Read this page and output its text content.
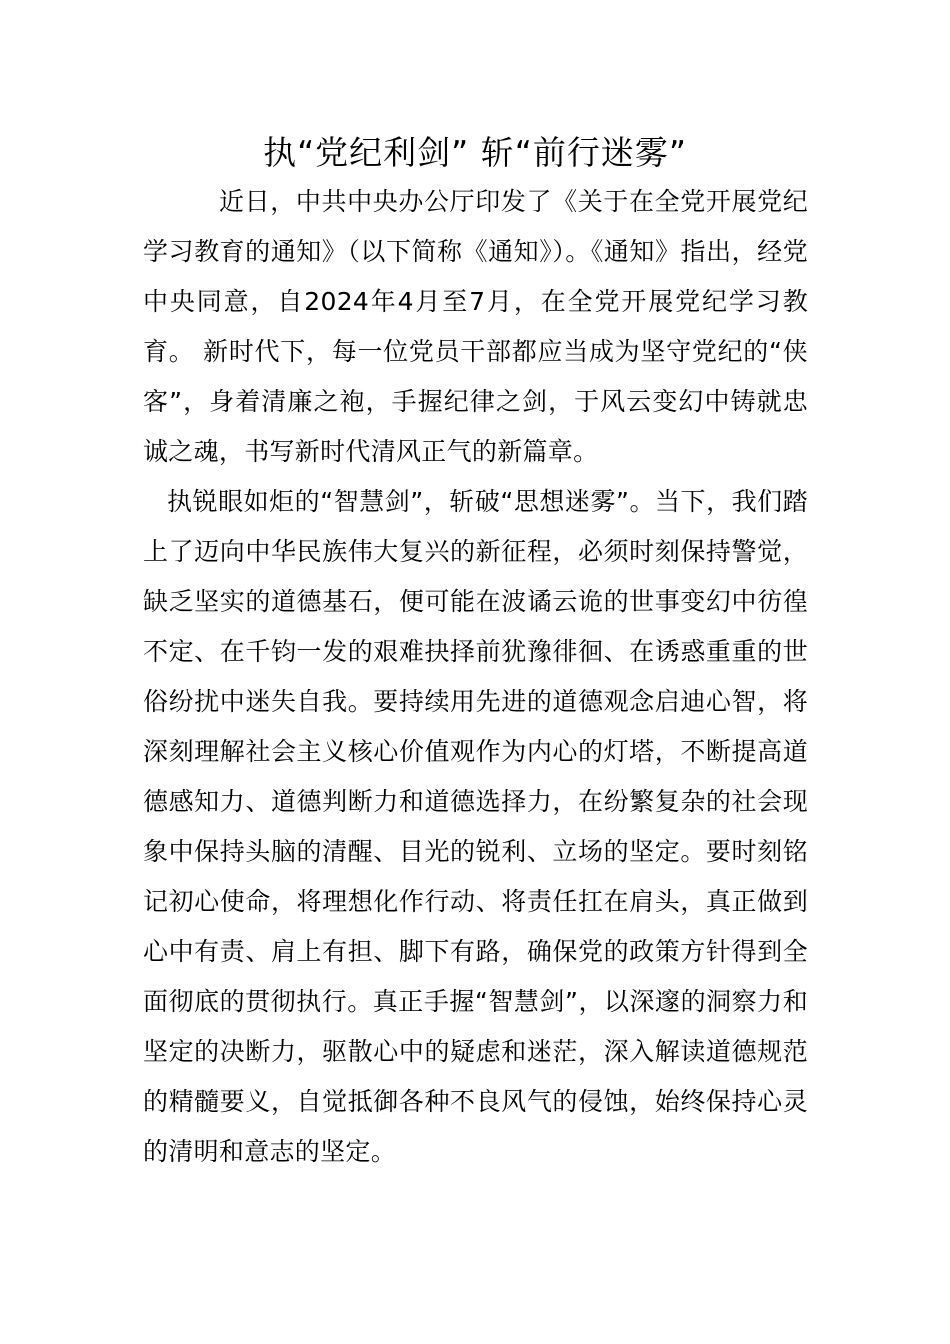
执“党纪利剑” 斩“前行迷雾”

近日，中共中央办公厅印发了《关于在全党开展党纪学习教育的通知》（以下简称《通知》）。《通知》指出，经党中央同意，自2024年4月至7月，在全党开展党纪学习教育。 新时代下，每一位党员干部都应当成为坚守党纪的“侠客”，身着清廉之袍，手握纪律之剑，于风云变幻中铸就忠诚之魂，书写新时代清风正气的新篇章。

执锐眼如炬的“智慧剑”，斩破“思想迷雾”。当下，我们踏上了迈向中华民族伟大复兴的新征程，必须时刻保持警觉，缺乏坚实的道德基石，便可能在波谲云诡的世事变幻中彷徨不定、在千钧一发的艰难抉择前犹豫徘徊、在诱惑重重的世俗纷扰中迷失自我。要持续用先进的道德观念启迪心智，将深刻理解社会主义核心价值观作为内心的灯塔，不断提高道德感知力、道德判断力和道德选择力，在纷繁复杂的社会现象中保持头脑的清醒、目光的锐利、立场的坚定。要时刻铭记初心使命，将理想化作行动、将责任扛在肩头，真正做到心中有责、肩上有担、脚下有路，确保党的政策方针得到全面彻底的贯彻执行。真正手握“智慧剑”，以深邃的洞察力和坚定的决断力，驱散心中的疑虑和迷茫，深入解读道德规范的精髓要义，自觉抵御各种不良风气的侵蚀，始终保持心灵的清明和意志的坚定。
